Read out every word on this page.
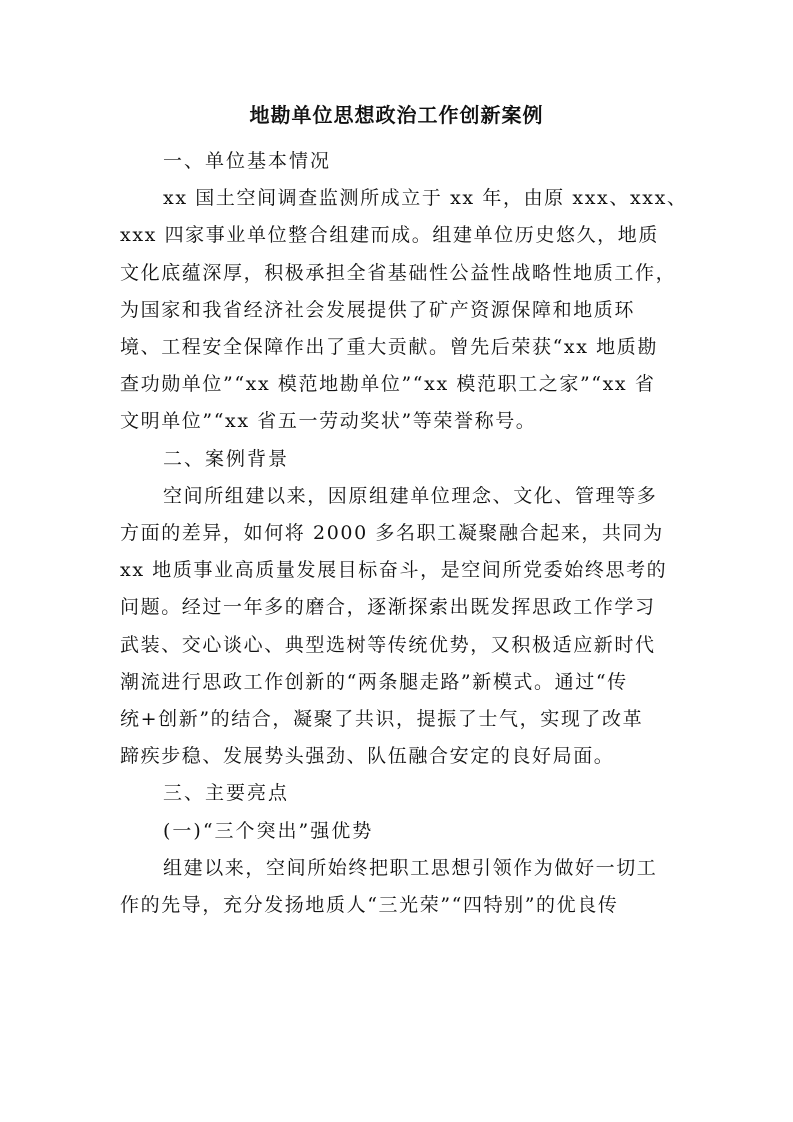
地勘单位思想政治工作创新案例

一、单位基本情况

xx 国土空间调查监测所成立于 xx 年，由原 xxx、xxx、

xxx 四家事业单位整合组建而成。组建单位历史悠久，地质

文化底蕴深厚，积极承担全省基础性公益性战略性地质工作，

为国家和我省经济社会发展提供了矿产资源保障和地质环

境、工程安全保障作出了重大贡献。曾先后荣获“xx 地质勘

查功勋单位”“xx 模范地勘单位”“xx 模范职工之家”“xx 省

文明单位”“xx 省五一劳动奖状”等荣誉称号。

二、案例背景

空间所组建以来，因原组建单位理念、文化、管理等多

方面的差异，如何将 2000 多名职工凝聚融合起来，共同为

xx 地质事业高质量发展目标奋斗，是空间所党委始终思考的

问题。经过一年多的磨合，逐渐探索出既发挥思政工作学习

武装、交心谈心、典型选树等传统优势，又积极适应新时代

潮流进行思政工作创新的“两条腿走路”新模式。通过“传

统+创新”的结合，凝聚了共识，提振了士气，实现了改革

蹄疾步稳、发展势头强劲、队伍融合安定的良好局面。

三、主要亮点

(一)“三个突出”强优势

组建以来，空间所始终把职工思想引领作为做好一切工

作的先导，充分发扬地质人“三光荣”“四特别”的优良传
